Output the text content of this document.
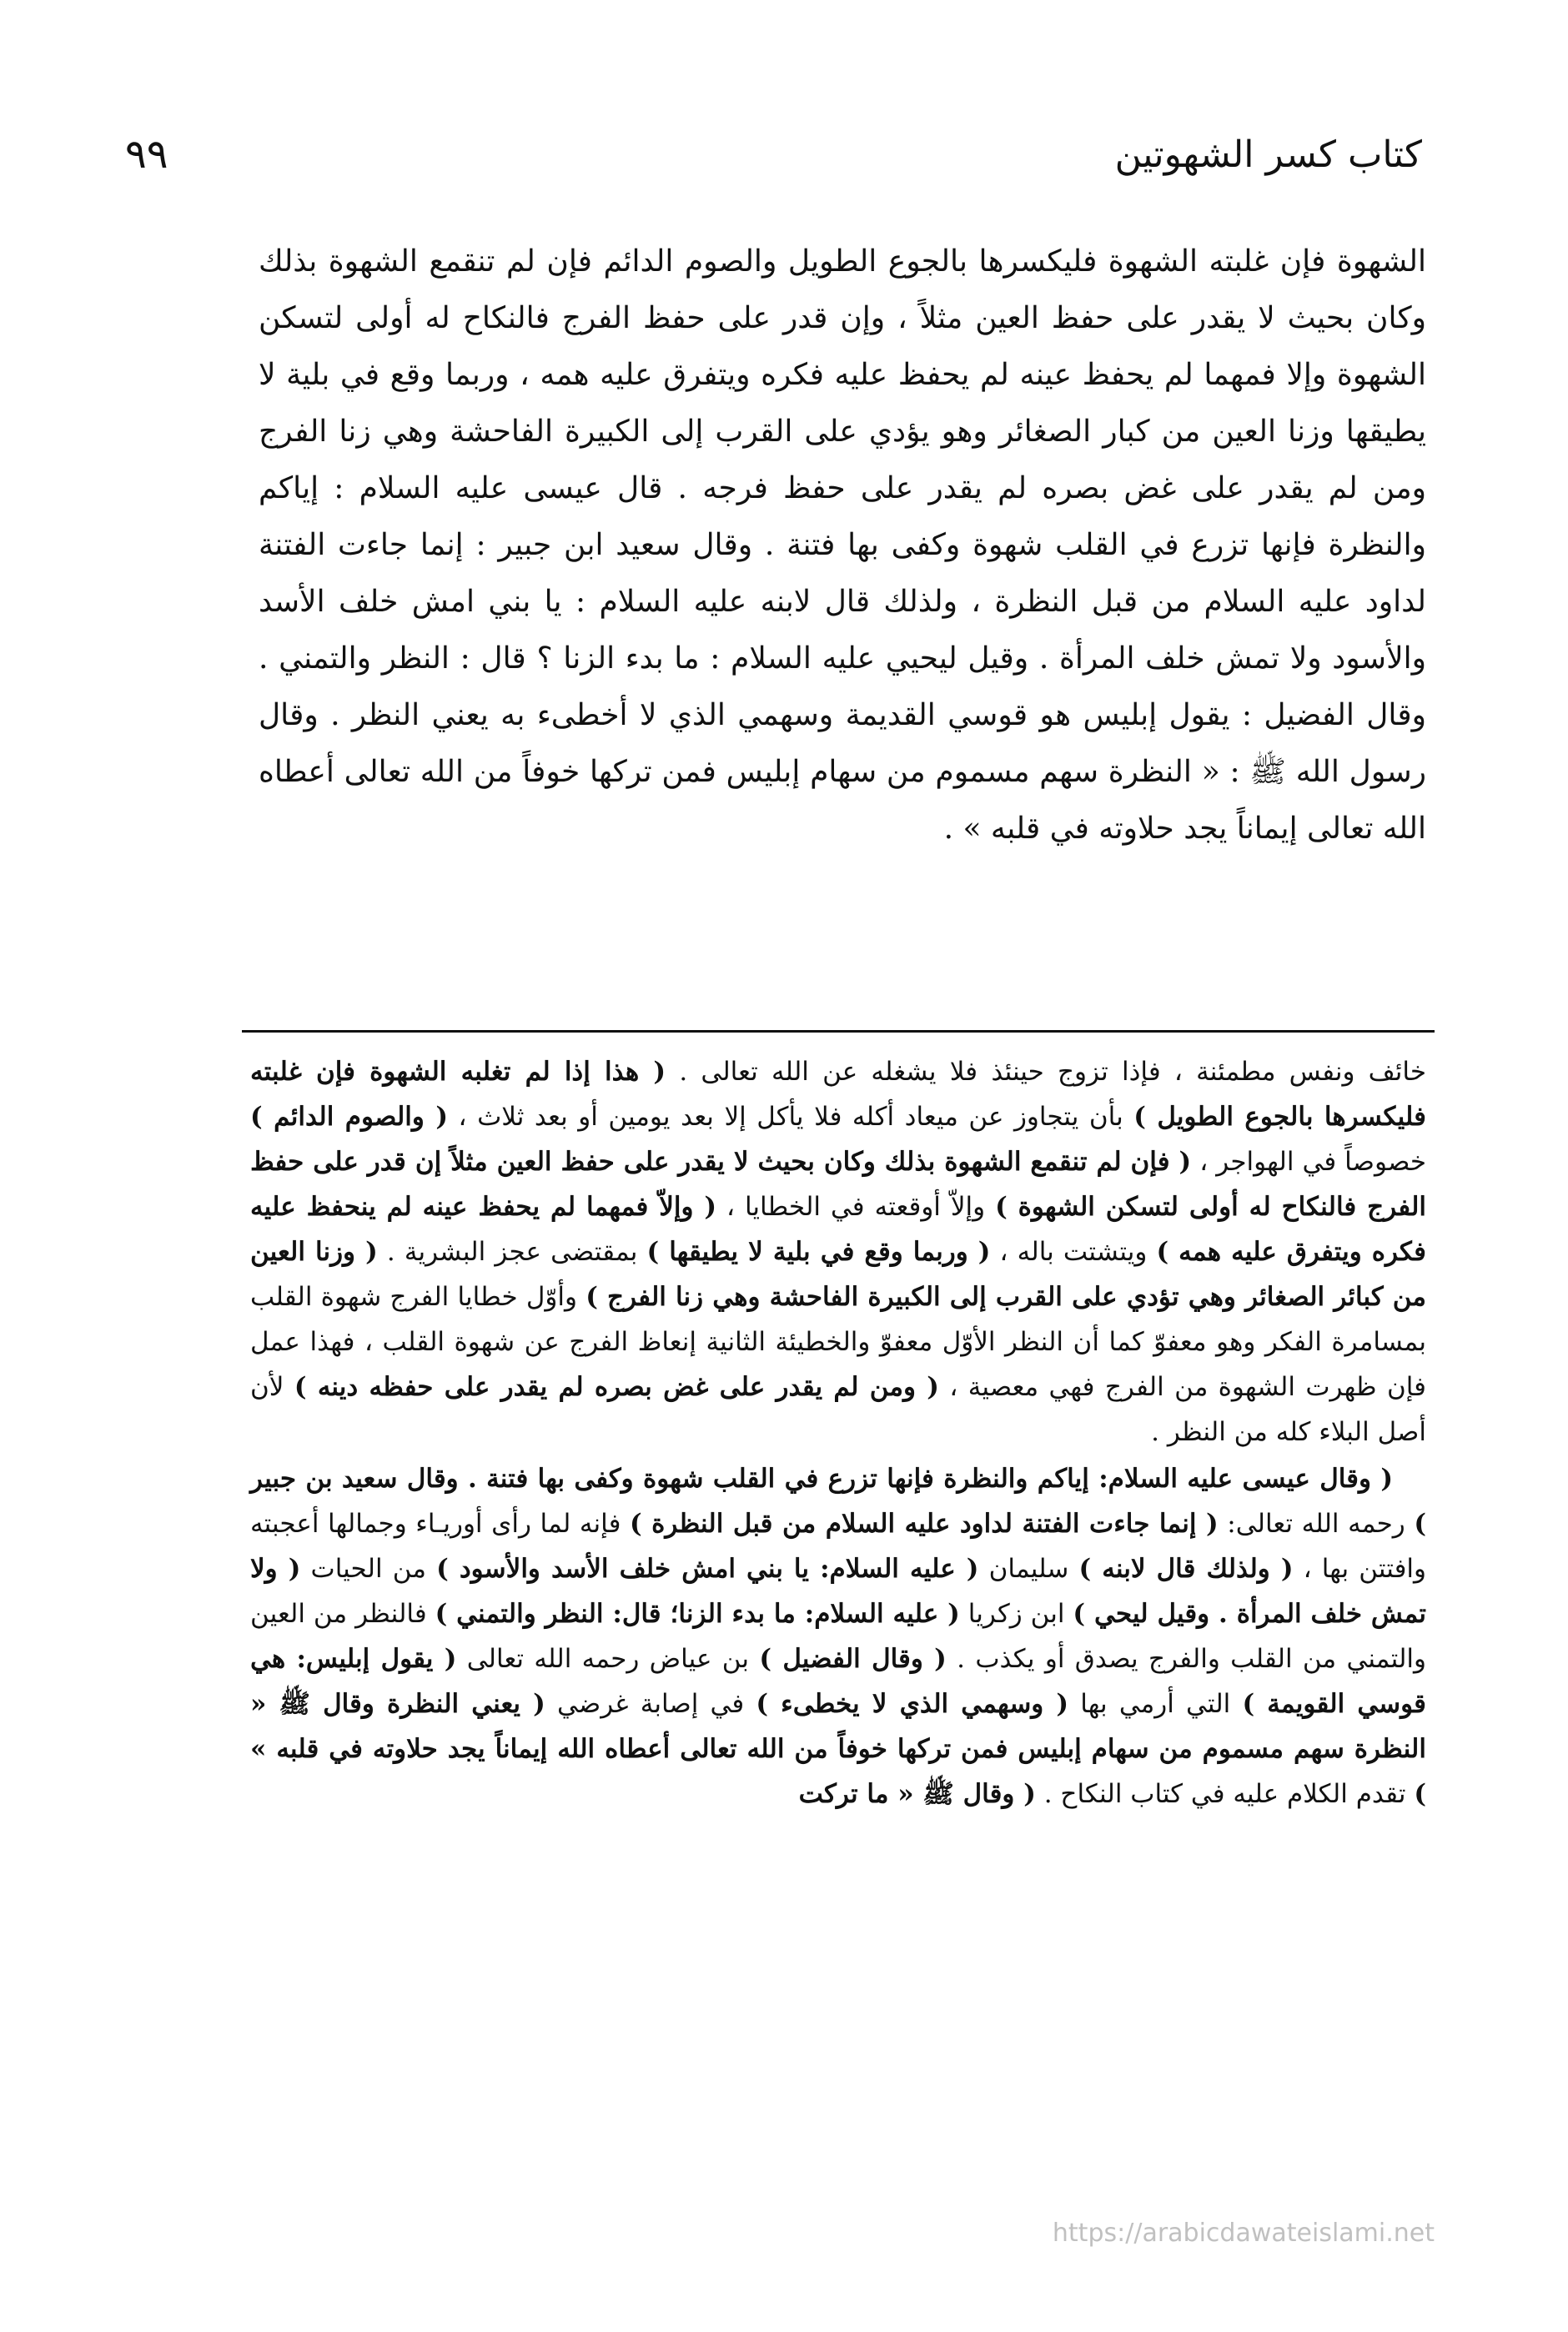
كتاب كسر الشهوتين
٩٩

الشهوة فإن غلبته الشهوة فليكسرها بالجوع الطويل والصوم الدائم فإن لم تنقمع الشهوة بذلك وكان بحيث لا يقدر على حفظ العين مثلاً ، وإن قدر على حفظ الفرج فالنكاح له أولى لتسكن الشهوة وإلا فمهما لم يحفظ عينه لم يحفظ عليه فكره ويتفرق عليه همه ، وربما وقع في بلية لا يطيقها وزنا العين من كبار الصغائر وهو يؤدي على القرب إلى الكبيرة الفاحشة وهي زنا الفرج ومن لم يقدر على غض بصره لم يقدر على حفظ فرجه . قال عيسى عليه السلام : إياكم والنظرة فإنها تزرع في القلب شهوة وكفى بها فتنة . وقال سعيد ابن جبير : إنما جاءت الفتنة لداود عليه السلام من قبل النظرة ، ولذلك قال لابنه عليه السلام : يا بني امش خلف الأسد والأسود ولا تمش خلف المرأة . وقيل ليحيي عليه السلام : ما بدء الزنا ؟ قال : النظر والتمني . وقال الفضيل : يقول إبليس هو قوسي القديمة وسهمي الذي لا أخطىء به يعني النظر . وقال رسول الله ﷺ : « النظرة سهم مسموم من سهام إبليس فمن تركها خوفاً من الله تعالى أعطاه الله تعالى إيماناً يجد حلاوته في قلبه » .

خائف ونفس مطمئنة ، فإذا تزوج حينئذ فلا يشغله عن الله تعالى . ( هذا إذا لم تغلبه الشهوة فإن غلبته فليكسرها بالجوع الطويل ) بأن يتجاوز عن ميعاد أكله فلا يأكل إلا بعد يومين أو بعد ثلاث ، ( والصوم الدائم ) خصوصاً في الهواجر ، ( فإن لم تنقمع الشهوة بذلك وكان بحيث لا يقدر على حفظ العين مثلاً إن قدر على حفظ الفرج فالنكاح له أولى لتسكن الشهوة ) وإلاّ أوقعته في الخطايا ، ( وإلاّ فمهما لم يحفظ عينه لم ينحفظ عليه فكره ويتفرق عليه همه ) ويتشتت باله ، ( وربما وقع في بلية لا يطيقها ) بمقتضى عجز البشرية . ( وزنا العين من كبائر الصغائر وهي تؤدي على القرب إلى الكبيرة الفاحشة وهي زنا الفرج ) وأوّل خطايا الفرج شهوة القلب بمسامرة الفكر وهو معفوّ كما أن النظر الأوّل معفوّ والخطيئة الثانية إنعاظ الفرج عن شهوة القلب ، فهذا عمل فإن ظهرت الشهوة من الفرج فهي معصية ، ( ومن لم يقدر على غض بصره لم يقدر على حفظه دينه ) لأن أصل البلاء كله من النظر .

( وقال عيسى عليه السلام: إياكم والنظرة فإنها تزرع في القلب شهوة وكفى بها فتنة . وقال سعيد بن جبير ) رحمه الله تعالى: ( إنما جاءت الفتنة لداود عليه السلام من قبل النظرة ) فإنه لما رأى أوريـاء وجمالها أعجبته وافتتن بها ، ( ولذلك قال لابنه ) سليمان ( عليه السلام: يا بني امش خلف الأسد والأسود ) من الحيات ( ولا تمش خلف المرأة . وقيل ليحي ) ابن زكريا ( عليه السلام: ما بدء الزنا؛ قال: النظر والتمني ) فالنظر من العين والتمني من القلب والفرج يصدق أو يكذب . ( وقال الفضيل ) بن عياض رحمه الله تعالى ( يقول إبليس: هي قوسي القويمة ) التي أرمي بها ( وسهمي الذي لا يخطىء ) في إصابة غرضي ( يعني النظرة وقال ﷺ « النظرة سهم مسموم من سهام إبليس فمن تركها خوفاً من الله تعالى أعطاه الله إيماناً يجد حلاوته في قلبه » ) تقدم الكلام عليه في كتاب النكاح . ( وقال ﷺ « ما تركت

https://arabicdawateislami.net
